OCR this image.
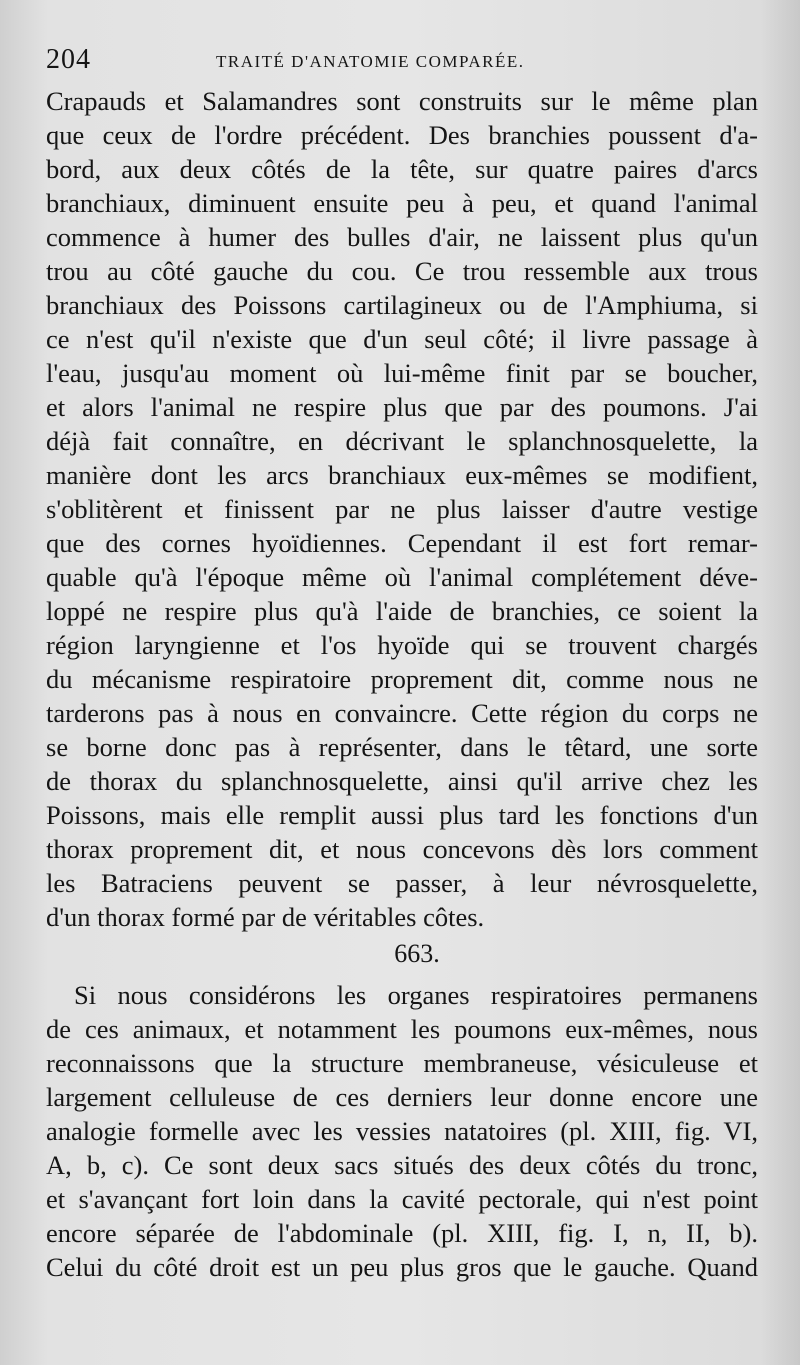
204	TRAITÉ D'ANATOMIE COMPARÉE.
Crapauds et Salamandres sont construits sur le même plan
que ceux de l'ordre précédent. Des branchies poussent d'a-
bord, aux deux côtés de la tête, sur quatre paires d'arcs
branchiaux, diminuent ensuite peu à peu, et quand l'animal
commence à humer des bulles d'air, ne laissent plus qu'un
trou au côté gauche du cou. Ce trou ressemble aux trous
branchiaux des Poissons cartilagineux ou de l'Amphiuma, si
ce n'est qu'il n'existe que d'un seul côté; il livre passage à
l'eau, jusqu'au moment où lui-même finit par se boucher,
et alors l'animal ne respire plus que par des poumons. J'ai
déjà fait connaître, en décrivant le splanchnosquelette, la
manière dont les arcs branchiaux eux-mêmes se modifient,
s'oblitèrent et finissent par ne plus laisser d'autre vestige
que des cornes hyoïdiennes. Cependant il est fort remar-
quable qu'à l'époque même où l'animal complétement déve-
loppé ne respire plus qu'à l'aide de branchies, ce soient la
région laryngienne et l'os hyoïde qui se trouvent chargés
du mécanisme respiratoire proprement dit, comme nous ne
tarderons pas à nous en convaincre. Cette région du corps ne
se borne donc pas à représenter, dans le têtard, une sorte
de thorax du splanchnosquelette, ainsi qu'il arrive chez les
Poissons, mais elle remplit aussi plus tard les fonctions d'un
thorax proprement dit, et nous concevons dès lors comment
les Batraciens peuvent se passer, à leur névrosquelette,
d'un thorax formé par de véritables côtes.
663.
Si nous considérons les organes respiratoires permanens
de ces animaux, et notamment les poumons eux-mêmes, nous
reconnaissons que la structure membraneuse, vésiculeuse et
largement celluleuse de ces derniers leur donne encore une
analogie formelle avec les vessies natatoires (pl. XIII, fig. VI,
A, b, c). Ce sont deux sacs situés des deux côtés du tronc,
et s'avançant fort loin dans la cavité pectorale, qui n'est point
encore séparée de l'abdominale (pl. XIII, fig. I, n, II, b).
Celui du côté droit est un peu plus gros que le gauche. Quand
